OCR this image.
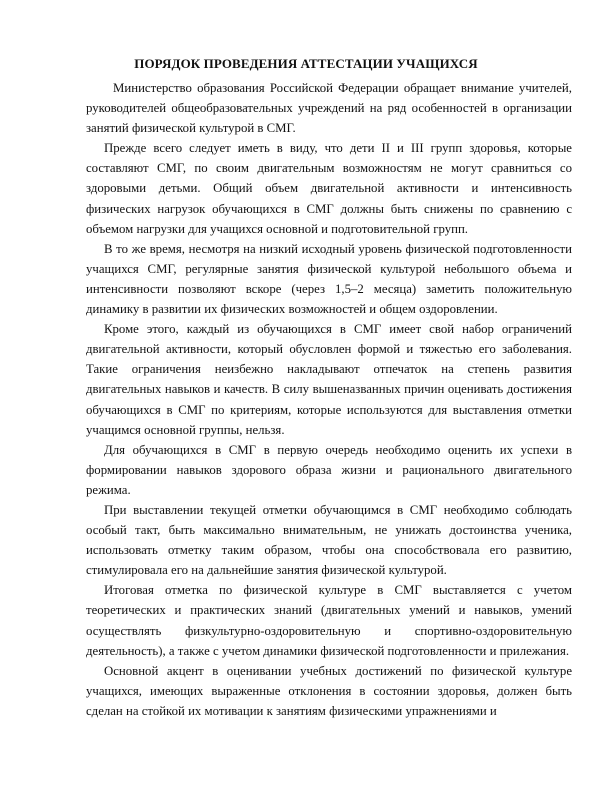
ПОРЯДОК ПРОВЕДЕНИЯ АТТЕСТАЦИИ УЧАЩИХСЯ

Министерство образования Российской Федерации обращает внимание учителей, руководителей общеобразовательных учреждений на ряд особенностей в организации занятий физической культурой в СМГ.

Прежде всего следует иметь в виду, что дети II и III групп здоровья, которые составляют СМГ, по своим двигательным возможностям не могут сравниться со здоровыми детьми. Общий объем двигательной активности и интенсивность физических нагрузок обучающихся в СМГ должны быть снижены по сравнению с объемом нагрузки для учащихся основной и подготовительной групп.

В то же время, несмотря на низкий исходный уровень физической подготовленности учащихся СМГ, регулярные занятия физической культурой небольшого объема и интенсивности позволяют вскоре (через 1,5–2 месяца) заметить положительную динамику в развитии их физических возможностей и общем оздоровлении.

Кроме этого, каждый из обучающихся в СМГ имеет свой набор ограничений двигательной активности, который обусловлен формой и тяжестью его заболевания. Такие ограничения неизбежно накладывают отпечаток на степень развития двигательных навыков и качеств. В силу вышеназванных причин оценивать достижения обучающихся в СМГ по критериям, которые используются для выставления отметки учащимся основной группы, нельзя.

Для обучающихся в СМГ в первую очередь необходимо оценить их успехи в формировании навыков здорового образа жизни и рационального двигательного режима.

При выставлении текущей отметки обучающимся в СМГ необходимо соблюдать особый такт, быть максимально внимательным, не унижать достоинства ученика, использовать отметку таким образом, чтобы она способствовала его развитию, стимулировала его на дальнейшие занятия физической культурой.

Итоговая отметка по физической культуре в СМГ выставляется с учетом теоретических и практических знаний (двигательных умений и навыков, умений осуществлять физкультурно-оздоровительную и спортивно-оздоровительную деятельность), а также с учетом динамики физической подготовленности и прилежания.

Основной акцент в оценивании учебных достижений по физической культуре учащихся, имеющих выраженные отклонения в состоянии здоровья, должен быть сделан на стойкой их мотивации к занятиям физическими упражнениями и
